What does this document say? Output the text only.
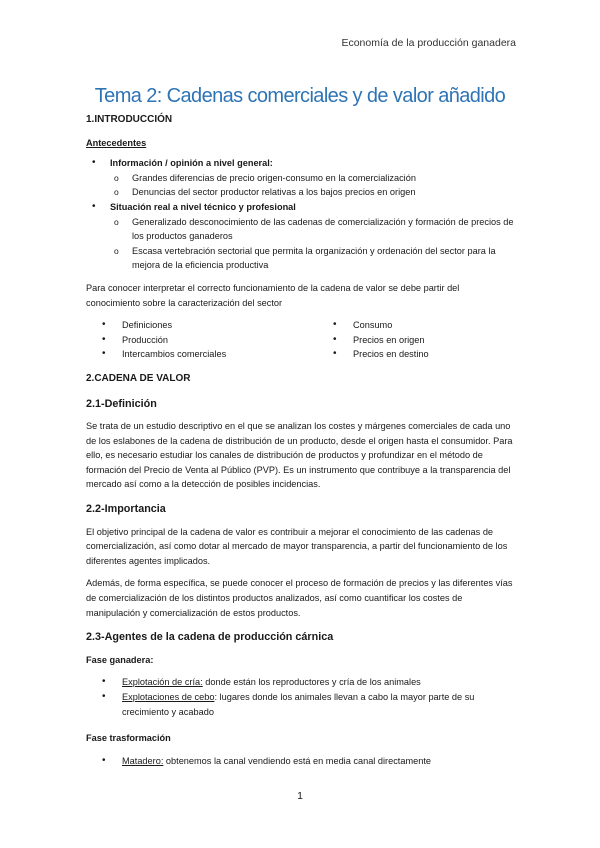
Economía de la producción ganadera
Tema 2: Cadenas comerciales y de valor añadido
1.INTRODUCCIÓN
Antecedentes
• Información / opinión a nivel general:
o Grandes diferencias de precio origen-consumo en la comercialización
o Denuncias del sector productor relativas a los bajos precios en origen
• Situación real a nivel técnico y profesional
o Generalizado desconocimiento de las cadenas de comercialización y formación de precios de los productos ganaderos
o Escasa vertebración sectorial que permita la organización y ordenación del sector para la mejora de la eficiencia productiva

Para conocer interpretar el correcto funcionamiento de la cadena de valor se debe partir del conocimiento sobre la caracterización del sector

• Definiciones
• Producción
• Intercambios comerciales
• Consumo
• Precios en origen
• Precios en destino
2.CADENA DE VALOR
2.1-Definición

Se trata de un estudio descriptivo en el que se analizan los costes y márgenes comerciales de cada uno de los eslabones de la cadena de distribución de un producto, desde el origen hasta el consumidor. Para ello, es necesario estudiar los canales de distribución de productos y profundizar en el método de formación del Precio de Venta al Público (PVP). Es un instrumento que contribuye a la transparencia del mercado así como a la detección de posibles incidencias.

2.2-Importancia

El objetivo principal de la cadena de valor es contribuir a mejorar el conocimiento de las cadenas de comercialización, así como dotar al mercado de mayor transparencia, a partir del funcionamiento de los diferentes agentes implicados.

Además, de forma específica, se puede conocer el proceso de formación de precios y las diferentes vías de comercialización de los distintos productos analizados, así como cuantificar los costes de manipulación y comercialización de estos productos.

2.3-Agentes de la cadena de producción cárnica
Fase ganadera:
• Explotación de cría: donde están los reproductores y cría de los animales
• Explotaciones de cebo: lugares donde los animales llevan a cabo la mayor parte de su crecimiento y acabado
Fase trasformación
• Matadero: obtenemos la canal vendiendo está en media canal directamente
1
